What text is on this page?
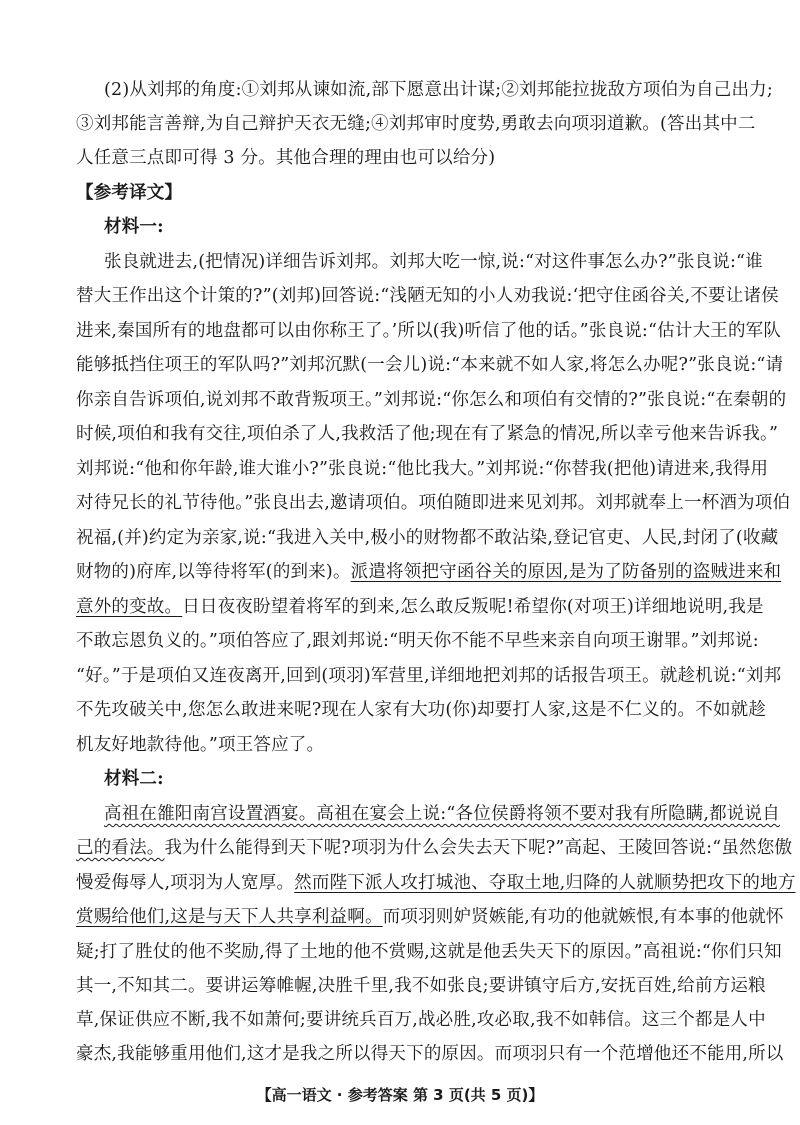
(2)从刘邦的角度:①刘邦从谏如流,部下愿意出计谋;②刘邦能拉拢敌方项伯为自己出力;
③刘邦能言善辩,为自己辩护天衣无缝;④刘邦审时度势,勇敢去向项羽道歉。(答出其中二
人任意三点即可得 3 分。其他合理的理由也可以给分)
【参考译文】
材料一:
张良就进去,(把情况)详细告诉刘邦。刘邦大吃一惊,说:“对这件事怎么办?”张良说:“谁
替大王作出这个计策的?”(刘邦)回答说:“浅陋无知的小人劝我说:‘把守住函谷关,不要让诸侯
进来,秦国所有的地盘都可以由你称王了。’所以(我)听信了他的话。”张良说:“估计大王的军队
能够抵挡住项王的军队吗?”刘邦沉默(一会儿)说:“本来就不如人家,将怎么办呢?”张良说:“请
你亲自告诉项伯,说刘邦不敢背叛项王。”刘邦说:“你怎么和项伯有交情的?”张良说:“在秦朝的
时候,项伯和我有交往,项伯杀了人,我救活了他;现在有了紧急的情况,所以幸亏他来告诉我。”
刘邦说:“他和你年龄,谁大谁小?”张良说:“他比我大。”刘邦说:“你替我(把他)请进来,我得用
对待兄长的礼节待他。”张良出去,邀请项伯。项伯随即进来见刘邦。刘邦就奉上一杯酒为项伯
祝福,(并)约定为亲家,说:“我进入关中,极小的财物都不敢沾染,登记官吏、人民,封闭了(收藏
财物的)府库,以等待将军(的到来)。派遣将领把守函谷关的原因,是为了防备别的盗贼进来和
意外的变故。日日夜夜盼望着将军的到来,怎么敢反叛呢!希望你(对项王)详细地说明,我是
不敢忘恩负义的。”项伯答应了,跟刘邦说:“明天你不能不早些来亲自向项王谢罪。”刘邦说:
“好。”于是项伯又连夜离开,回到(项羽)军营里,详细地把刘邦的话报告项王。就趁机说:“刘邦
不先攻破关中,您怎么敢进来呢?现在人家有大功(你)却要打人家,这是不仁义的。不如就趁
机友好地款待他。”项王答应了。
材料二:
高祖在雒阳南宫设置酒宴。高祖在宴会上说:“各位侯爵将领不要对我有所隐瞒,都说说自
己的看法。我为什么能得到天下呢?项羽为什么会失去天下呢?”高起、王陵回答说:“虽然您傲
慢爱侮辱人,项羽为人宽厚。然而陛下派人攻打城池、夺取土地,归降的人就顺势把攻下的地方
赏赐给他们,这是与天下人共享利益啊。而项羽则妒贤嫉能,有功的他就嫉恨,有本事的他就怀
疑;打了胜仗的他不奖励,得了土地的他不赏赐,这就是他丢失天下的原因。”高祖说:“你们只知
其一,不知其二。要讲运筹帷幄,决胜千里,我不如张良;要讲镇守后方,安抚百姓,给前方运粮
草,保证供应不断,我不如萧何;要讲统兵百万,战必胜,攻必取,我不如韩信。这三个都是人中
豪杰,我能够重用他们,这才是我之所以得天下的原因。而项羽只有一个范增他还不能用,所以
【高一语文 · 参考答案 第 3 页(共 5 页)】
